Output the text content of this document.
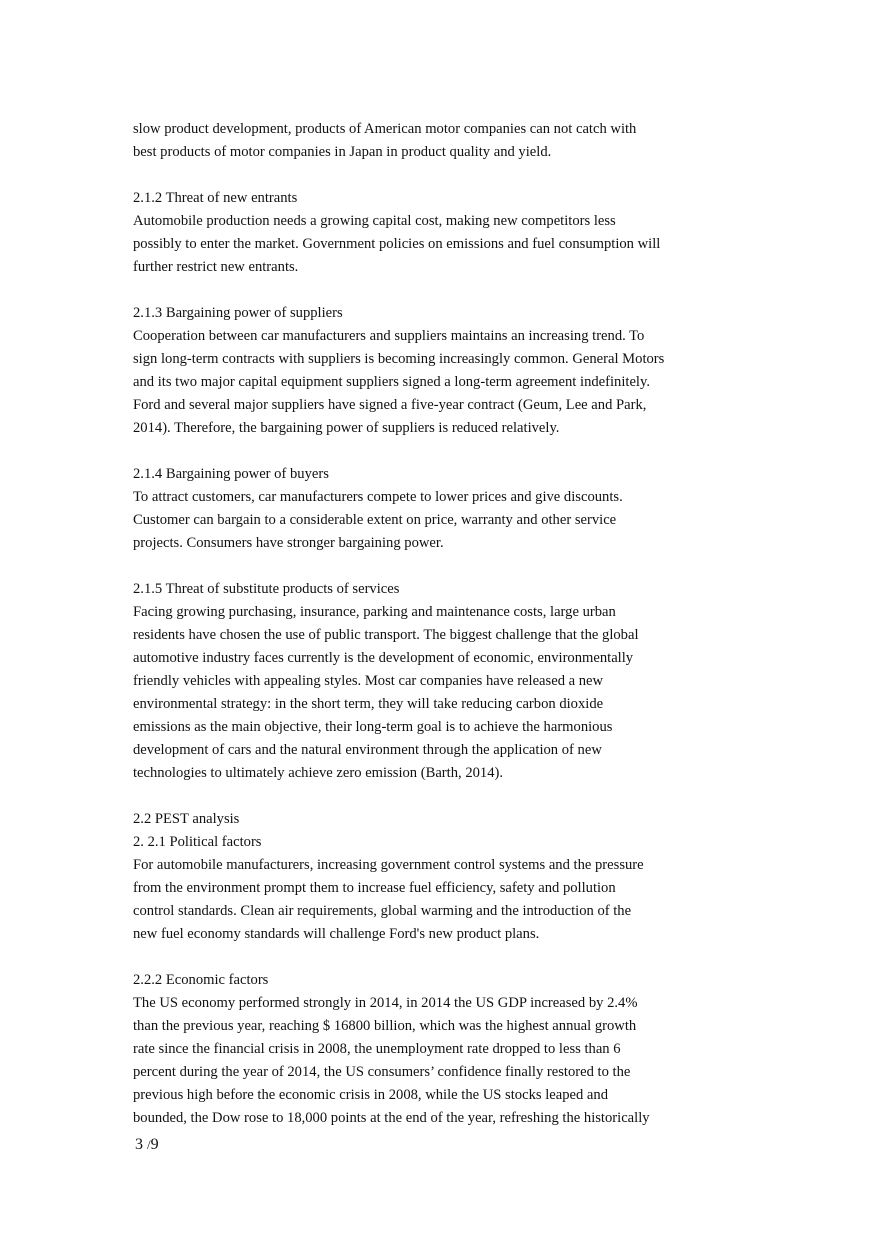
slow product development, products of American motor companies can not catch with
best products of motor companies in Japan in product quality and yield.
2.1.2 Threat of new entrants
Automobile production needs a growing capital cost, making new competitors less
possibly to enter the market. Government policies on emissions and fuel consumption will
further restrict new entrants.
2.1.3 Bargaining power of suppliers
Cooperation between car manufacturers and suppliers maintains an increasing trend. To
sign long-term contracts with suppliers is becoming increasingly common. General Motors
and its two major capital equipment suppliers signed a long-term agreement indefinitely.
Ford and several major suppliers have signed a five-year contract (Geum, Lee and Park,
2014). Therefore, the bargaining power of suppliers is reduced relatively.
2.1.4 Bargaining power of buyers
To attract customers, car manufacturers compete to lower prices and give discounts.
Customer can bargain to a considerable extent on price, warranty and other service
projects. Consumers have stronger bargaining power.
2.1.5 Threat of substitute products of services
Facing growing purchasing, insurance, parking and maintenance costs, large urban
residents have chosen the use of public transport. The biggest challenge that the global
automotive industry faces currently is the development of economic, environmentally
friendly vehicles with appealing styles. Most car companies have released a new
environmental strategy: in the short term, they will take reducing carbon dioxide
emissions as the main objective, their long-term goal is to achieve the harmonious
development of cars and the natural environment through the application of new
technologies to ultimately achieve zero emission (Barth, 2014).
2.2 PEST analysis
2. 2.1 Political factors
For automobile manufacturers, increasing government control systems and the pressure
from the environment prompt them to increase fuel efficiency, safety and pollution
control standards. Clean air requirements, global warming and the introduction of the
new fuel economy standards will challenge Ford's new product plans.
2.2.2 Economic factors
The US economy performed strongly in 2014, in 2014 the US GDP increased by 2.4%
than the previous year, reaching $ 16800 billion, which was the highest annual growth
rate since the financial crisis in 2008, the unemployment rate dropped to less than 6
percent during the year of 2014, the US consumers’ confidence finally restored to the
previous high before the economic crisis in 2008, while the US stocks leaped and
bounded, the Dow rose to 18,000 points at the end of the year, refreshing the historically
3 /9
